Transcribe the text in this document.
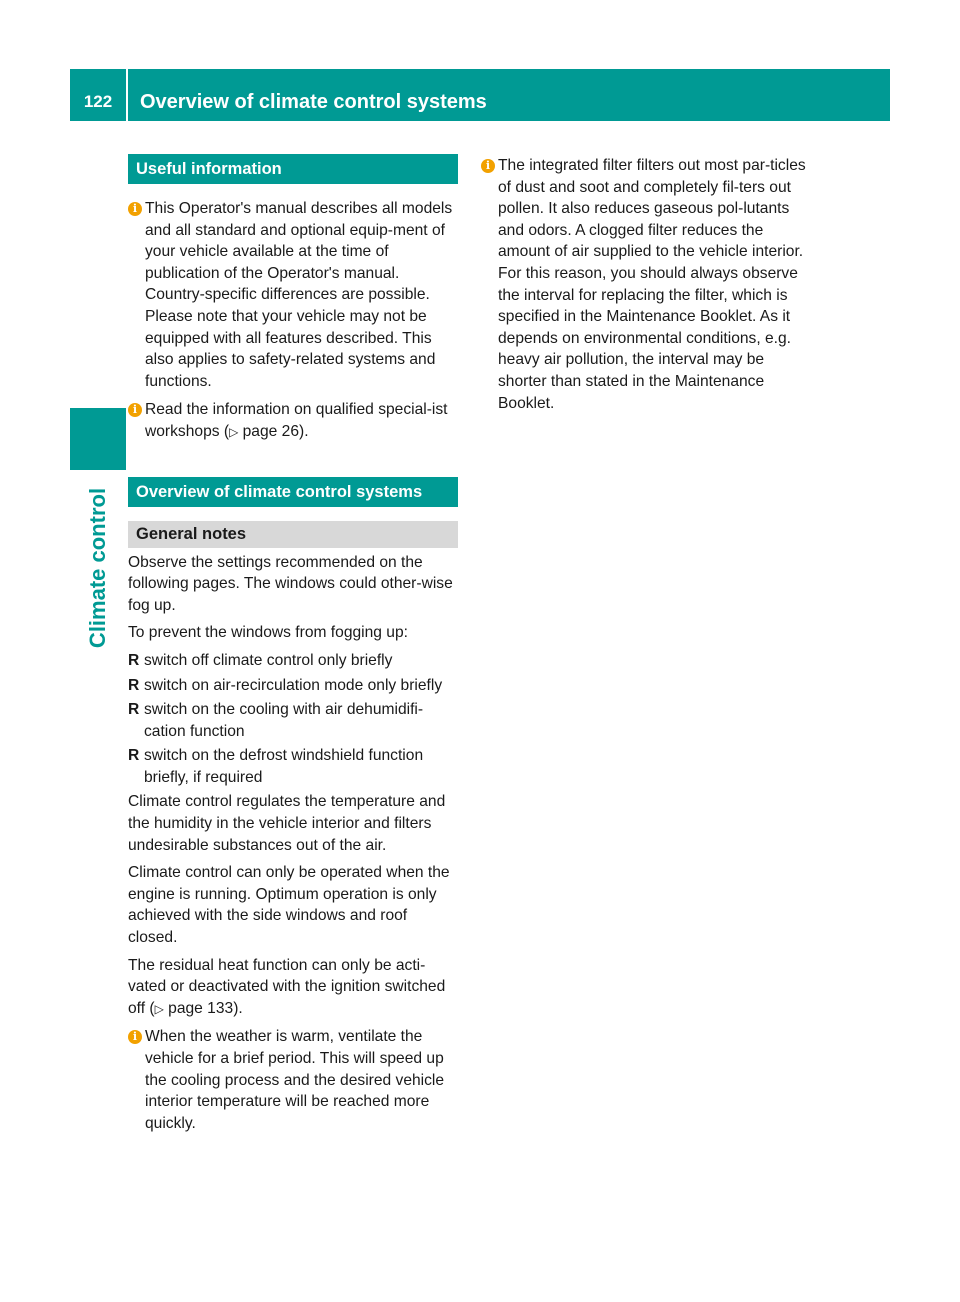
122	Overview of climate control systems
Climate control
Useful information
i This Operator's manual describes all models and all standard and optional equip-ment of your vehicle available at the time of publication of the Operator's manual. Country-specific differences are possible. Please note that your vehicle may not be equipped with all features described. This also applies to safety-related systems and functions.
i Read the information on qualified special-ist workshops (▷ page 26).
Overview of climate control systems
General notes

Observe the settings recommended on the following pages. The windows could other-wise fog up.

To prevent the windows from fogging up:

R switch off climate control only briefly
R switch on air-recirculation mode only briefly
R switch on the cooling with air dehumidifi-cation function
R switch on the defrost windshield function briefly, if required

Climate control regulates the temperature and the humidity in the vehicle interior and filters undesirable substances out of the air.

Climate control can only be operated when the engine is running. Optimum operation is only achieved with the side windows and roof closed.

The residual heat function can only be acti-vated or deactivated with the ignition switched off (▷ page 133).

i When the weather is warm, ventilate the vehicle for a brief period. This will speed up the cooling process and the desired vehicle interior temperature will be reached more quickly.
i The integrated filter filters out most par-ticles of dust and soot and completely fil-ters out pollen. It also reduces gaseous pol-lutants and odors. A clogged filter reduces the amount of air supplied to the vehicle interior. For this reason, you should always observe the interval for replacing the filter, which is specified in the Maintenance Booklet. As it depends on environmental conditions, e.g. heavy air pollution, the interval may be shorter than stated in the Maintenance Booklet.
